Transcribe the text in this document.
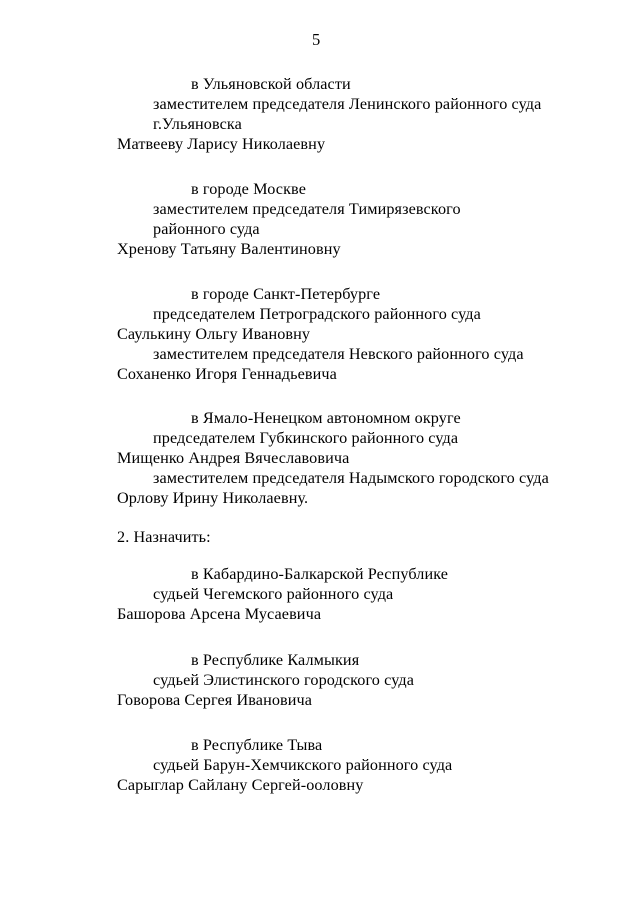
5
в Ульяновской области
заместителем председателя Ленинского районного суда
г.Ульяновска
Матвееву Ларису Николаевну
в городе Москве
заместителем председателя Тимирязевского
районного суда
Хренову Татьяну Валентиновну
в городе Санкт-Петербурге
председателем Петроградского районного суда
Саулькину Ольгу Ивановну
заместителем председателя Невского районного суда
Соханенко Игоря Геннадьевича
в Ямало-Ненецком автономном округе
председателем Губкинского районного суда
Мищенко Андрея Вячеславовича
заместителем председателя Надымского городского суда
Орлову Ирину Николаевну.
2. Назначить:
в Кабардино-Балкарской Республике
судьей Чегемского районного суда
Башорова Арсена Мусаевича
в Республике Калмыкия
судьей Элистинского городского суда
Говорова Сергея Ивановича
в Республике Тыва
судьей Барун-Хемчикского районного суда
Сарыглар Сайлану Сергей-ооловну
